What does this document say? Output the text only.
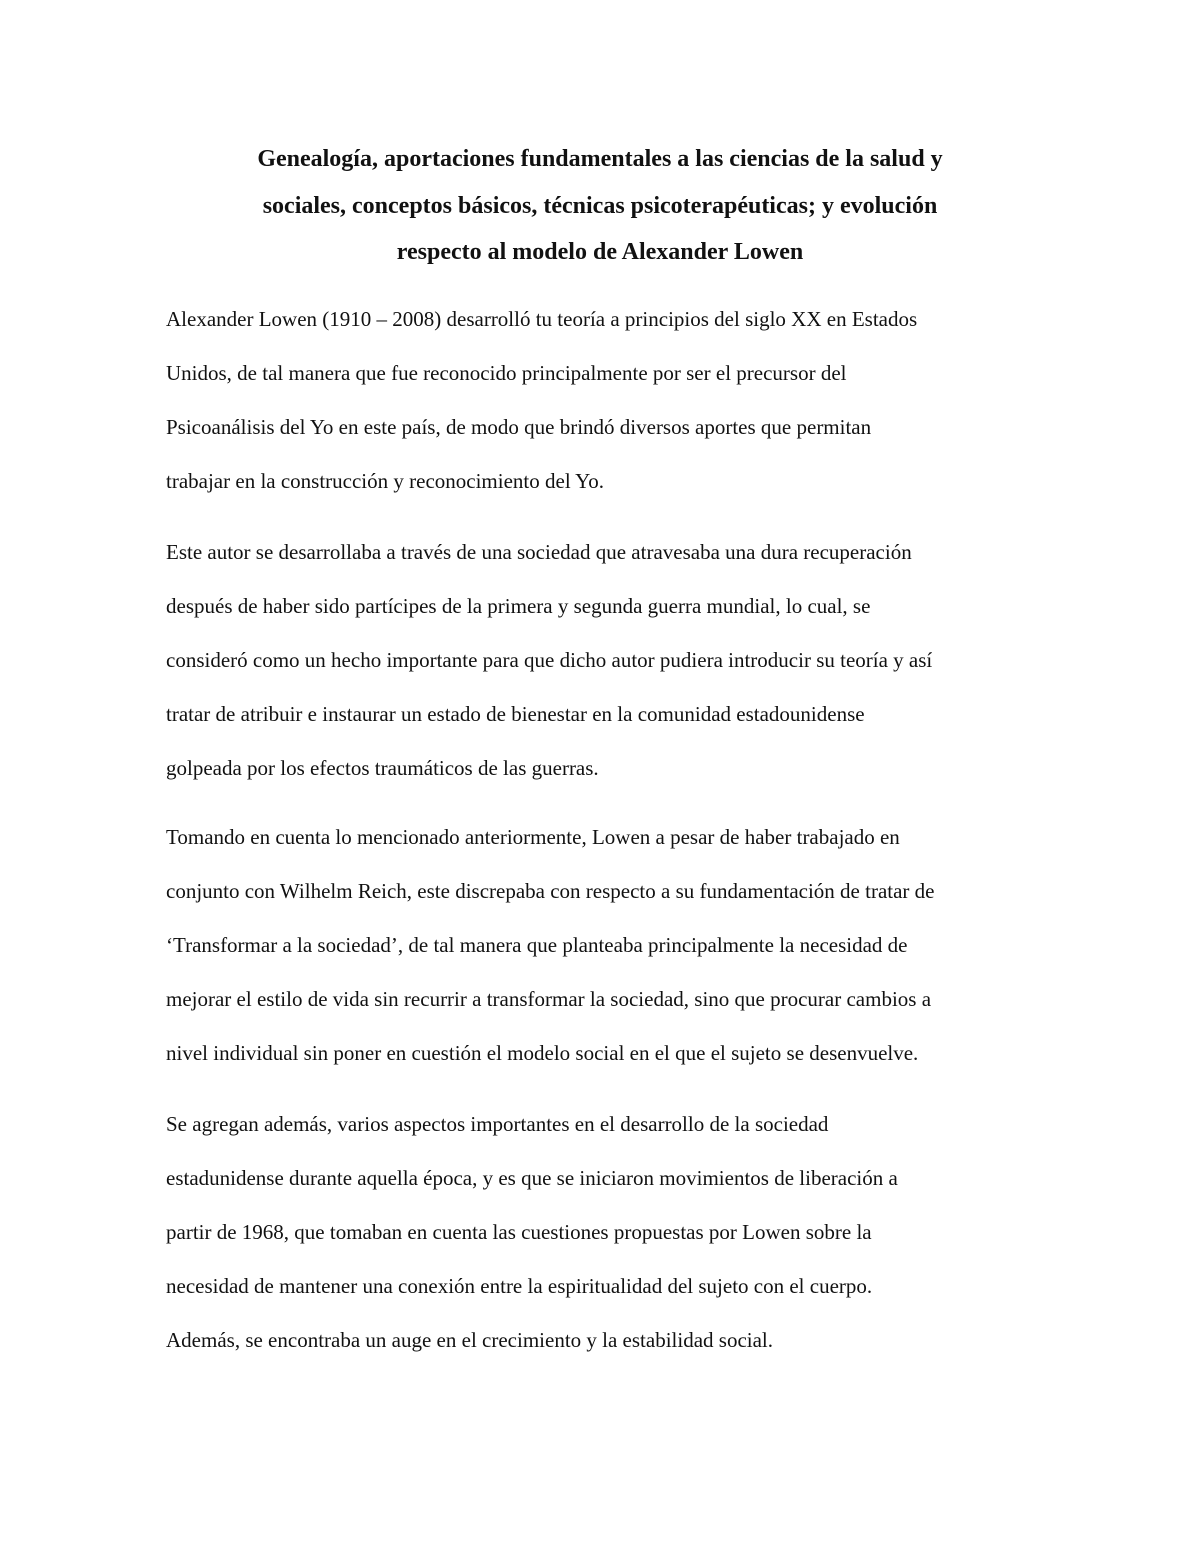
Genealogía, aportaciones fundamentales a las ciencias de la salud y
sociales, conceptos básicos, técnicas psicoterapéuticas; y evolución
respecto al modelo de Alexander Lowen

Alexander Lowen (1910 – 2008) desarrolló tu teoría a principios del siglo XX en Estados
Unidos, de tal manera que fue reconocido principalmente por ser el precursor del
Psicoanálisis del Yo en este país, de modo que brindó diversos aportes que permitan
trabajar en la construcción y reconocimiento del Yo.

Este autor se desarrollaba a través de una sociedad que atravesaba una dura recuperación
después de haber sido partícipes de la primera y segunda guerra mundial, lo cual, se
consideró como un hecho importante para que dicho autor pudiera introducir su teoría y así
tratar de atribuir e instaurar un estado de bienestar en la comunidad estadounidense
golpeada por los efectos traumáticos de las guerras.

Tomando en cuenta lo mencionado anteriormente, Lowen a pesar de haber trabajado en
conjunto con Wilhelm Reich, este discrepaba con respecto a su fundamentación de tratar de
‘Transformar a la sociedad’, de tal manera que planteaba principalmente la necesidad de
mejorar el estilo de vida sin recurrir a transformar la sociedad, sino que procurar cambios a
nivel individual sin poner en cuestión el modelo social en el que el sujeto se desenvuelve.

Se agregan además, varios aspectos importantes en el desarrollo de la sociedad
estadunidense durante aquella época, y es que se iniciaron movimientos de liberación a
partir de 1968, que tomaban en cuenta las cuestiones propuestas por Lowen sobre la
necesidad de mantener una conexión entre la espiritualidad del sujeto con el cuerpo.
Además, se encontraba un auge en el crecimiento y la estabilidad social.
